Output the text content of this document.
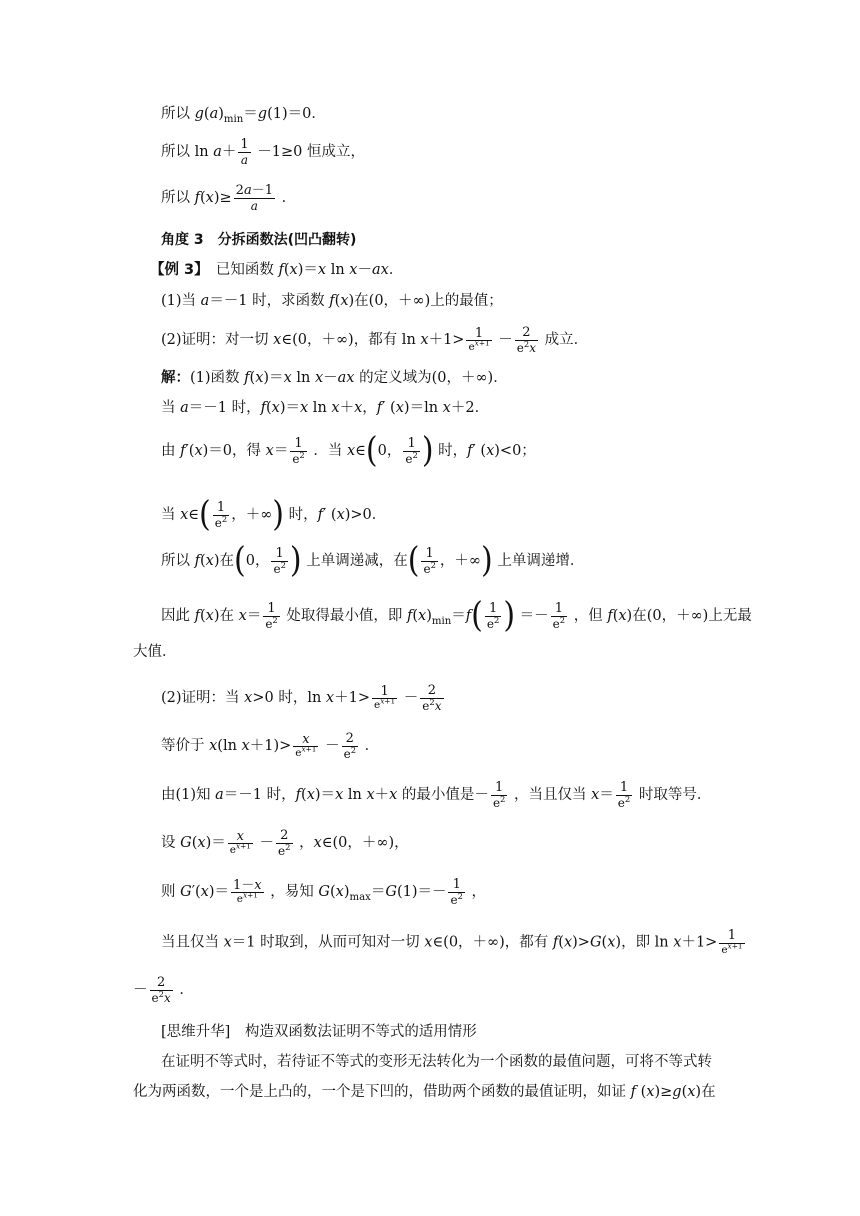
所以 $g(a)_{min}=g(1)=0$．
所以 $\ln a+ \frac{1}{a} -1\ge 0$ 恒成立，
所以 $f(x)\ge \frac{2a-1}{a}$ ．
角度 3　分拆函数法(凹凸翻转)
【例 3】　已知函数 f(x)＝x ln x－ax．
(1)当 a＝－1 时，求函数 f(x)在(0，＋∞)上的最值；
(2)证明：对一切 x∈(0，＋∞)，都有 $\ln x+1> \frac{1}{e^{x+1}} - \frac{2}{e^2x}$ 成立．
解：(1)函数 f(x)＝x ln x－ax 的定义域为(0，＋∞)．
当 a＝－1 时，f(x)＝x ln x＋x，f′ (x)＝ln x＋2．
由 f′(x)＝0，得 $x= \frac{1}{e^2}$ ．当 x∈(0， $\frac{1}{e^2}$ ) 时，f′ (x)<0；
当 x∈( $\frac{1}{e^2}$ ，＋∞) 时，f′ (x)>0．
所以 f(x)在(0， $\frac{1}{e^2}$ ) 上单调递减，在( $\frac{1}{e^2}$ ，＋∞) 上单调递增．
因此 f(x)在 $x= \frac{1}{e^2}$ 处取得最小值，即 $f(x)_{min}=f( \frac{1}{e^2}$ ) ＝－ $\frac{1}{e^2}$ ，但 f(x)在(0，＋∞)上无最
大值．
(2)证明：当 x>0 时，$\ln x+1> \frac{1}{e^{x+1}} - \frac{2}{e^2x}$
等价于 x(ln $x+1)> \frac{x}{e^{x+1}} - \frac{2}{e^2}$ ．
由(1)知 a＝－1 时，f(x)＝x ln x＋x 的最小值是－ $\frac{1}{e^2}$ ，当且仅当 $x= \frac{1}{e^2}$ 时取等号．
设 $G(x)= \frac{x}{e^{x+1}} - \frac{2}{e^2}$ ，x∈(0，＋∞)，
则 $G'(x)= \frac{1-x}{e^{x+1}}$ ，易知 $G(x)_{max}=G(1)=- \frac{1}{e^2}$ ，
当且仅当 x＝1 时取到，从而可知对一切 x∈(0，＋∞)，都有 f(x)>G(x)，即 $\ln x+1> \frac{1}{e^{x+1}}$
－ $\frac{2}{e^2x}$ ．
[思维升华]　构造双函数法证明不等式的适用情形
在证明不等式时，若待证不等式的变形无法转化为一个函数的最值问题，可将不等式转
化为两函数，一个是上凸的，一个是下凹的，借助两个函数的最值证明，如证 f (x)≥g(x)在
